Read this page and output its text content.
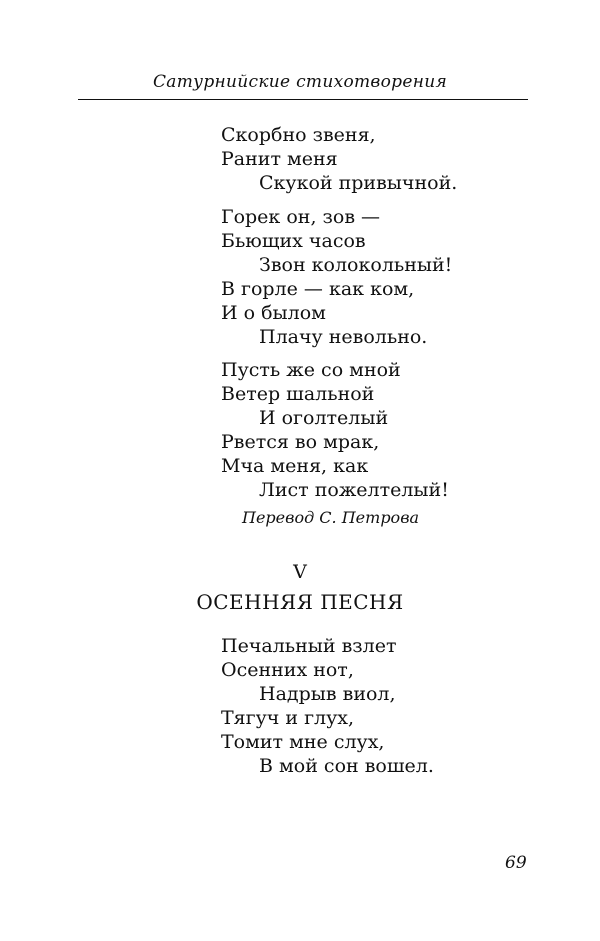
Сатурнийские стихотворения
Скорбно звеня,
Ранит меня
Скукой привычной.
Горек он, зов —
Бьющих часов
Звон колокольный!
В горле — как ком,
И о былом
Плачу невольно.
Пусть же со мной
Ветер шальной
И оголтелый
Рвется во мрак,
Мча меня, как
Лист пожелтелый!
Перевод С. Петрова
V
ОСЕННЯЯ ПЕСНЯ
Печальный взлет
Осенних нот,
Надрыв виол,
Тягуч и глух,
Томит мне слух,
В мой сон вошел.
69
